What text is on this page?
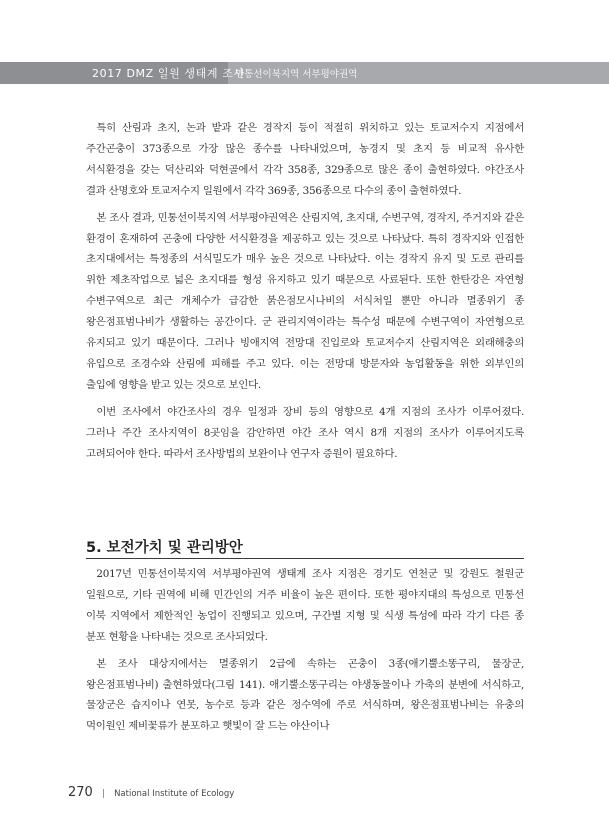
2017 DMZ 일원 생태계 조사
민통선이북지역 서부평야권역

특히 산림과 초지, 논과 밭과 같은 경작지 등이 적절히 위치하고 있는 토교저수지 지점에서 주간곤충이 373종으로 가장 많은 종수를 나타내었으며, 농경지 및 초지 등 비교적 유사한 서식환경을 갖는 덕산리와 덕현골에서 각각 358종, 329종으로 많은 종이 출현하였다. 야간조사 결과 산명호와 토교저수지 일원에서 각각 369종, 356종으로 다수의 종이 출현하였다.

본 조사 결과, 민통선이북지역 서부평야권역은 산림지역, 초지대, 수변구역, 경작지, 주거지와 같은 환경이 혼재하여 곤충에 다양한 서식환경을 제공하고 있는 것으로 나타났다. 특히 경작지와 인접한 초지대에서는 특정종의 서식밀도가 매우 높은 것으로 나타났다. 이는 경작지 유지 및 도로 관리를 위한 제초작업으로 넓은 초지대를 형성 유지하고 있기 때문으로 사료된다. 또한 한탄강은 자연형 수변구역으로 최근 개체수가 급감한 붉은점모시나비의 서식처일 뿐만 아니라 멸종위기 종 왕은점표범나비가 생활하는 공간이다. 군 관리지역이라는 특수성 때문에 수변구역이 자연형으로 유지되고 있기 때문이다. 그러나 빙애지역 전망대 진입로와 토교저수지 산림지역은 외래해충의 유입으로 조경수와 산림에 피해를 주고 있다. 이는 전망대 방문자와 농업활동을 위한 외부인의 출입에 영향을 받고 있는 것으로 보인다.

이번 조사에서 야간조사의 경우 일정과 장비 등의 영향으로 4개 지점의 조사가 이루어졌다. 그러나 주간 조사지역이 8곳임을 감안하면 야간 조사 역시 8개 지점의 조사가 이루어지도록 고려되어야 한다. 따라서 조사방법의 보완이나 연구자 증원이 필요하다.

5. 보전가치 및 관리방안

2017년 민통선이북지역 서부평야권역 생태계 조사 지점은 경기도 연천군 및 강원도 철원군 일원으로, 기타 권역에 비해 민간인의 거주 비율이 높은 편이다. 또한 평야지대의 특성으로 민통선 이북 지역에서 제한적인 농업이 진행되고 있으며, 구간별 지형 및 식생 특성에 따라 각기 다른 종 분포 현황을 나타내는 것으로 조사되었다.

본 조사 대상지에서는 멸종위기 2급에 속하는 곤충이 3종(애기뿔소똥구리, 물장군, 왕은점표범나비) 출현하였다(그림 141). 애기뿔소똥구리는 야생동물이나 가축의 분변에 서식하고, 물장군은 습지이나 연못, 농수로 등과 같은 정수역에 주로 서식하며, 왕은점표범나비는 유충의 먹이원인 제비꽃류가 분포하고 햇빛이 잘 드는 야산이나

270 | National Institute of Ecology
